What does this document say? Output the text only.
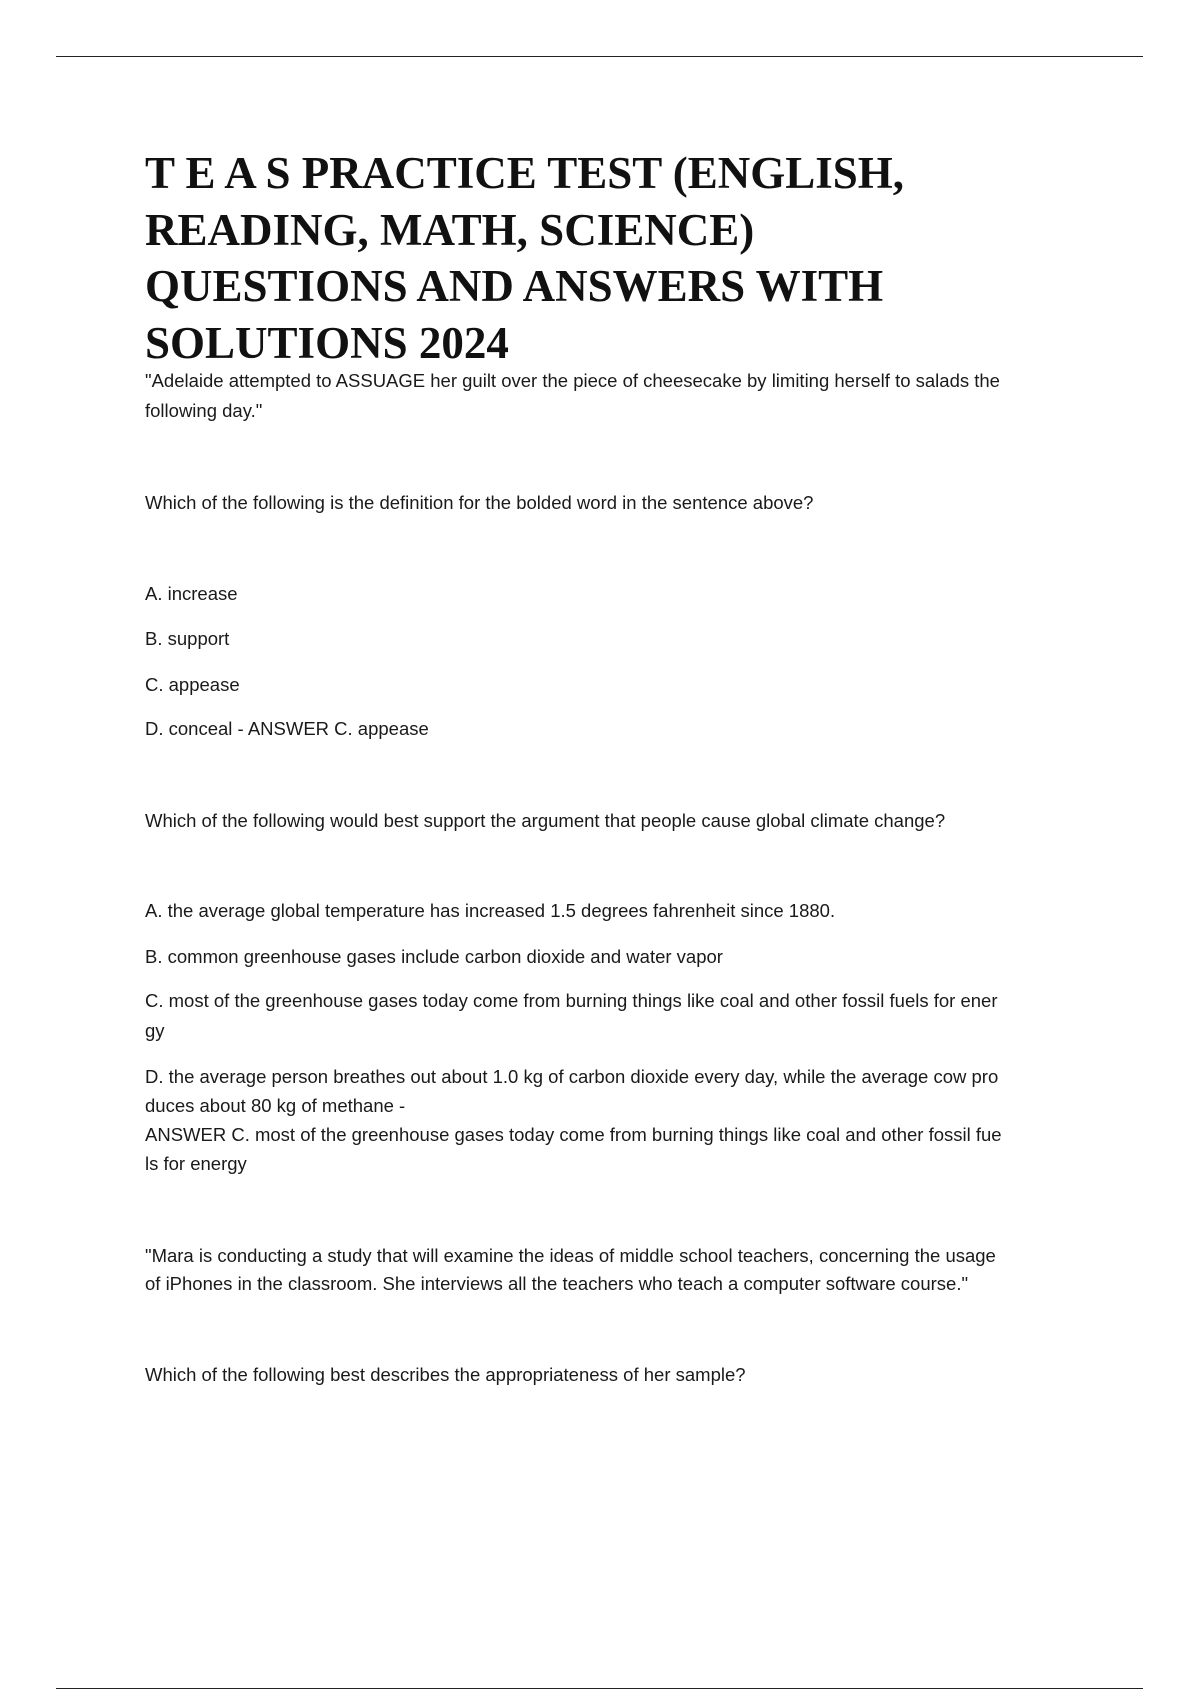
T E A S PRACTICE TEST (ENGLISH,
READING, MATH, SCIENCE)
QUESTIONS AND ANSWERS WITH
SOLUTIONS 2024
"Adelaide attempted to ASSUAGE her guilt over the piece of cheesecake by limiting herself to salads the
following day."
Which of the following is the definition for the bolded word in the sentence above?
A. increase
B. support
C. appease
D. conceal - ANSWER C. appease
Which of the following would best support the argument that people cause global climate change?
A. the average global temperature has increased 1.5 degrees fahrenheit since 1880.
B. common greenhouse gases include carbon dioxide and water vapor
C. most of the greenhouse gases today come from burning things like coal and other fossil fuels for ener
gy
D. the average person breathes out about 1.0 kg of carbon dioxide every day, while the average cow pro
duces about 80 kg of methane -
ANSWER C. most of the greenhouse gases today come from burning things like coal and other fossil fue
ls for energy
"Mara is conducting a study that will examine the ideas of middle school teachers, concerning the usage
of iPhones in the classroom. She interviews all the teachers who teach a computer software course."
Which of the following best describes the appropriateness of her sample?
